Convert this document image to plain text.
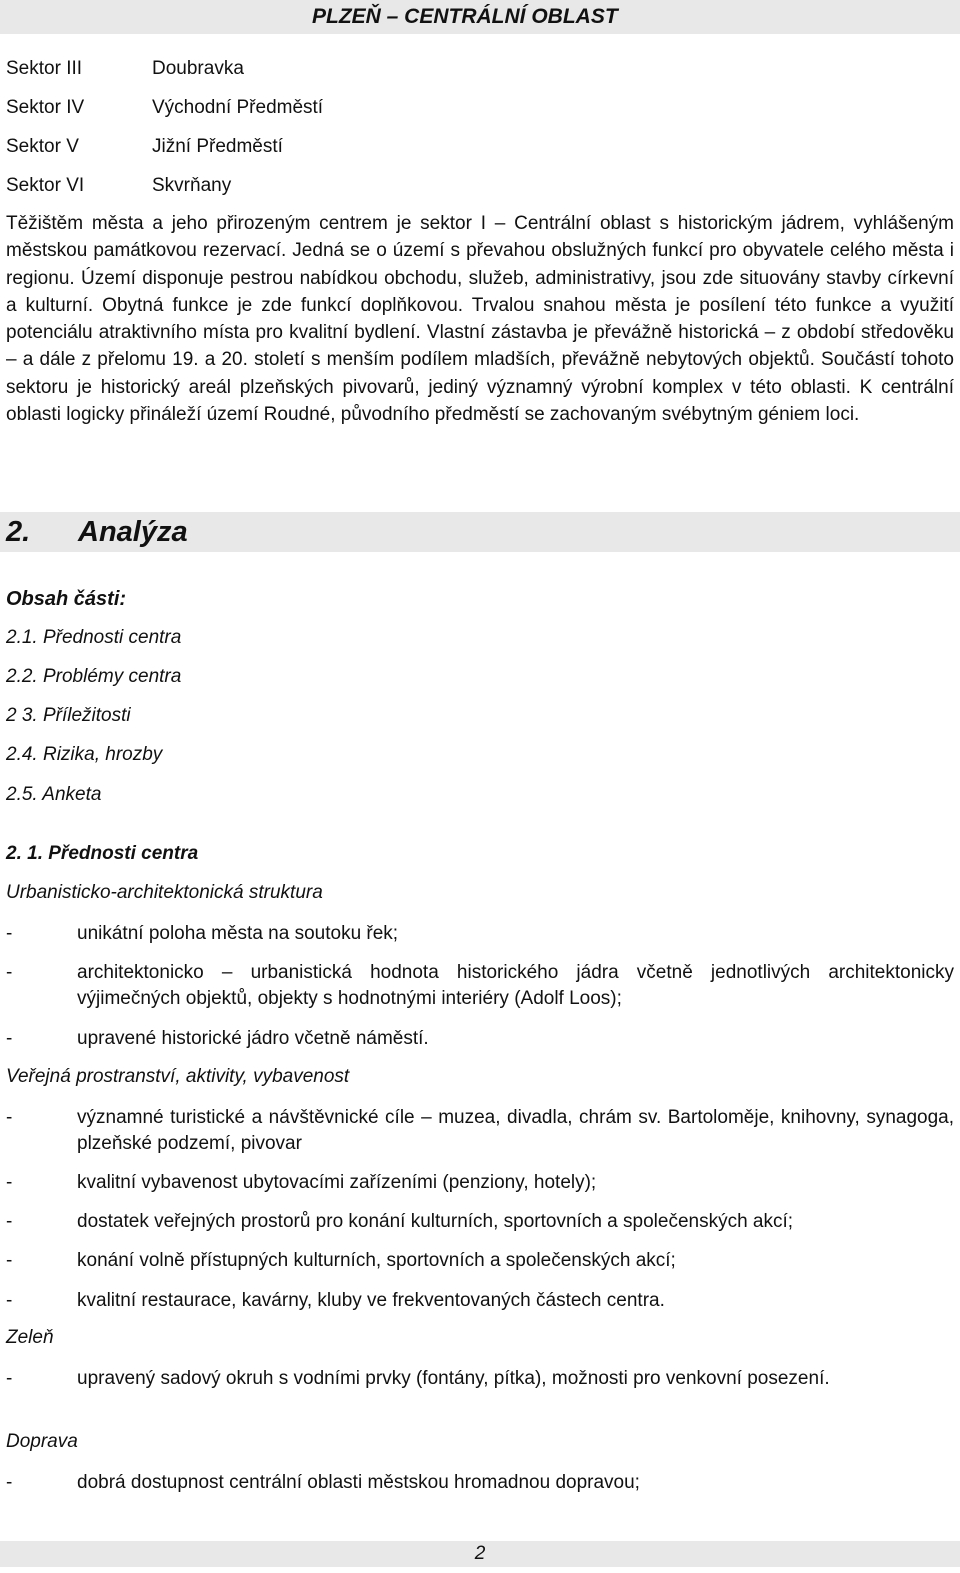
PLZEŇ – CENTRÁLNÍ OBLAST
Sektor III	Doubravka
Sektor IV	Východní Předměstí
Sektor V	Jižní Předměstí
Sektor VI	Skvrňany

Těžištěm města a jeho přirozeným centrem je sektor I – Centrální oblast s historickým jádrem, vyhlášeným městskou památkovou rezervací. Jedná se o území s převahou obslužných funkcí pro obyvatele celého města i regionu. Území disponuje pestrou nabídkou obchodu, služeb, administrativy, jsou zde situovány stavby církevní a kulturní. Obytná funkce je zde funkcí doplňkovou. Trvalou snahou města je posílení této funkce a využití potenciálu atraktivního místa pro kvalitní bydlení. Vlastní zástavba je převážně historická – z období středověku – a dále z přelomu 19. a 20. století s menším podílem mladších, převážně nebytových objektů. Součástí tohoto sektoru je historický areál plzeňských pivovarů, jediný významný výrobní komplex v této oblasti. K centrální oblasti logicky přináleží území Roudné, původního předměstí se zachovaným svébytným géniem loci.

2. Analýza
Obsah části:
2.1. Přednosti centra
2.2. Problémy centra
2 3. Příležitosti
2.4. Rizika, hrozby
2.5. Anketa
2. 1. Přednosti centra
Urbanisticko-architektonická struktura
-	unikátní poloha města na soutoku řek;
-	architektonicko – urbanistická hodnota historického jádra včetně jednotlivých architektonicky výjimečných objektů, objekty s hodnotnými interiéry (Adolf Loos);
-	upravené historické jádro včetně náměstí.
Veřejná prostranství, aktivity, vybavenost
-	významné turistické a návštěvnické cíle – muzea, divadla, chrám sv. Bartoloměje, knihovny, synagoga, plzeňské podzemí, pivovar
-	kvalitní vybavenost ubytovacími zařízeními (penziony, hotely);
-	dostatek veřejných prostorů pro konání kulturních, sportovních a společenských akcí;
-	konání volně přístupných kulturních, sportovních a společenských akcí;
-	kvalitní restaurace, kavárny, kluby ve frekventovaných částech centra.
Zeleň
-	upravený sadový okruh s vodními prvky (fontány, pítka), možnosti pro venkovní posezení.
Doprava
-	dobrá dostupnost centrální oblasti městskou hromadnou dopravou;
2
